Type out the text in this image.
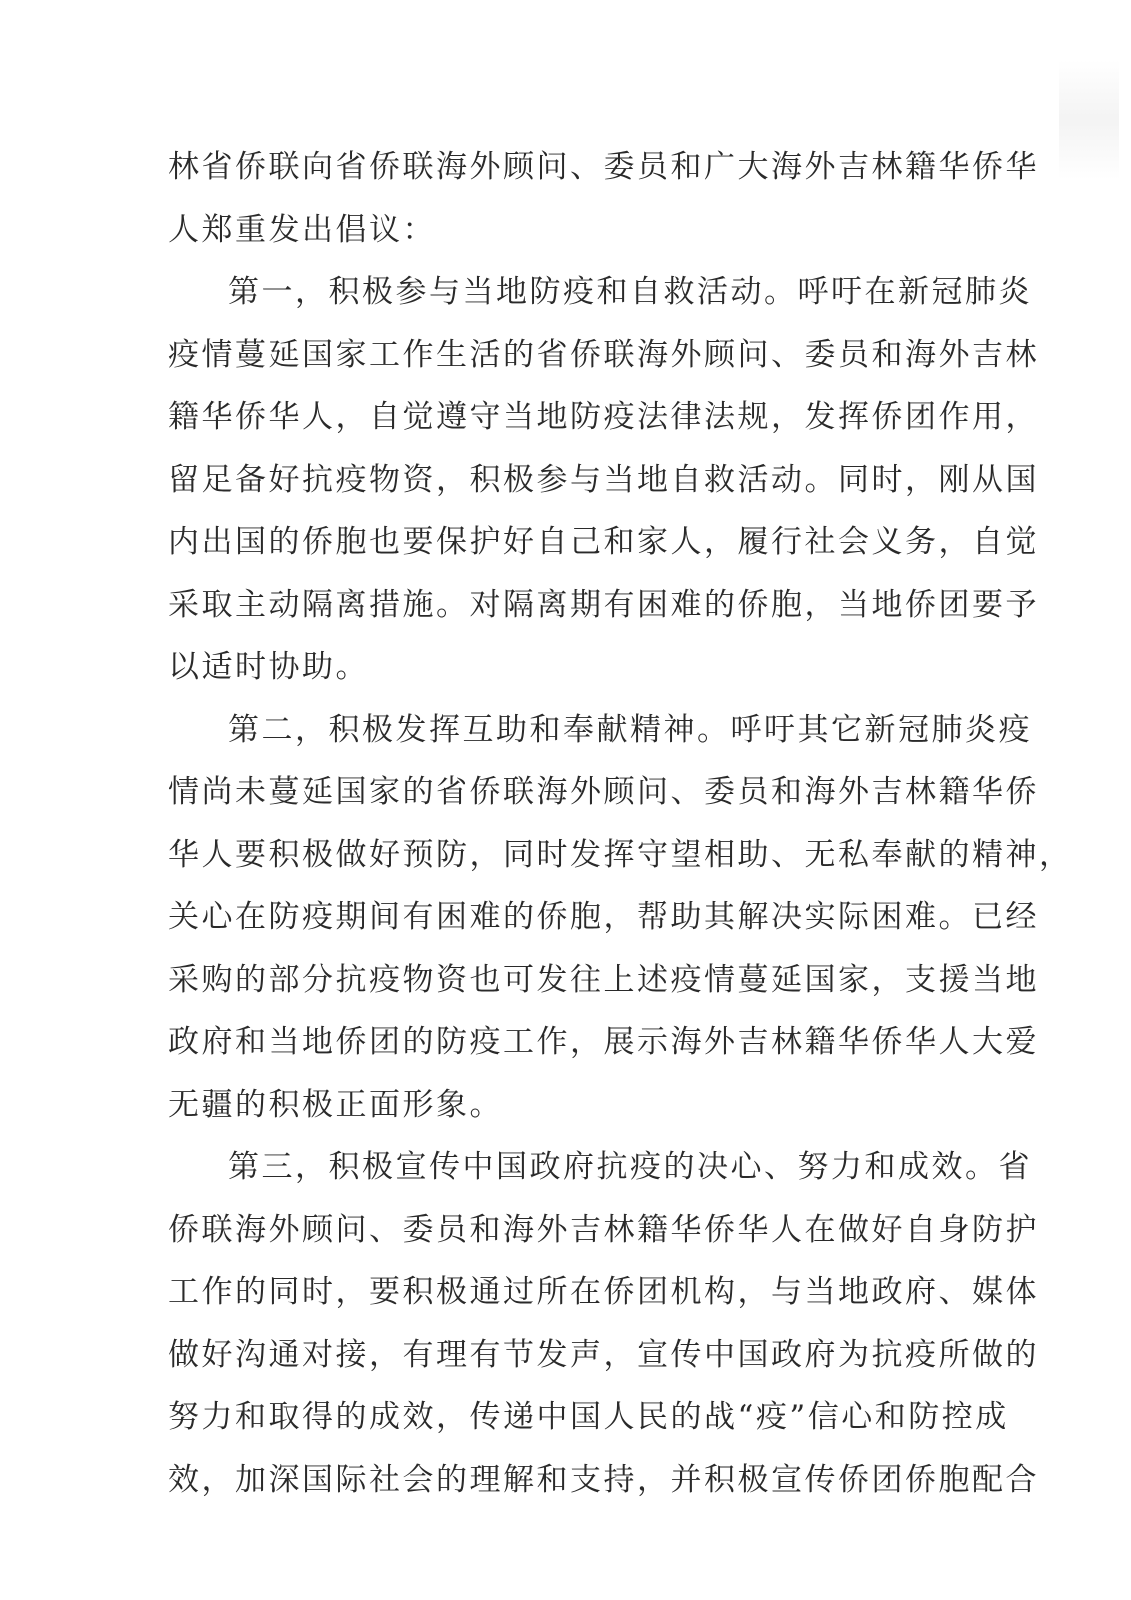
林省侨联向省侨联海外顾问、委员和广大海外吉林籍华侨华
人郑重发出倡议：
第一，积极参与当地防疫和自救活动。呼吁在新冠肺炎
疫情蔓延国家工作生活的省侨联海外顾问、委员和海外吉林
籍华侨华人，自觉遵守当地防疫法律法规，发挥侨团作用，
留足备好抗疫物资，积极参与当地自救活动。同时，刚从国
内出国的侨胞也要保护好自己和家人，履行社会义务，自觉
采取主动隔离措施。对隔离期有困难的侨胞，当地侨团要予
以适时协助。
第二，积极发挥互助和奉献精神。呼吁其它新冠肺炎疫
情尚未蔓延国家的省侨联海外顾问、委员和海外吉林籍华侨
华人要积极做好预防，同时发挥守望相助、无私奉献的精神，
关心在防疫期间有困难的侨胞，帮助其解决实际困难。已经
采购的部分抗疫物资也可发往上述疫情蔓延国家，支援当地
政府和当地侨团的防疫工作，展示海外吉林籍华侨华人大爱
无疆的积极正面形象。
第三，积极宣传中国政府抗疫的决心、努力和成效。省
侨联海外顾问、委员和海外吉林籍华侨华人在做好自身防护
工作的同时，要积极通过所在侨团机构，与当地政府、媒体
做好沟通对接，有理有节发声，宣传中国政府为抗疫所做的
努力和取得的成效，传递中国人民的战“疫”信心和防控成
效，加深国际社会的理解和支持，并积极宣传侨团侨胞配合
